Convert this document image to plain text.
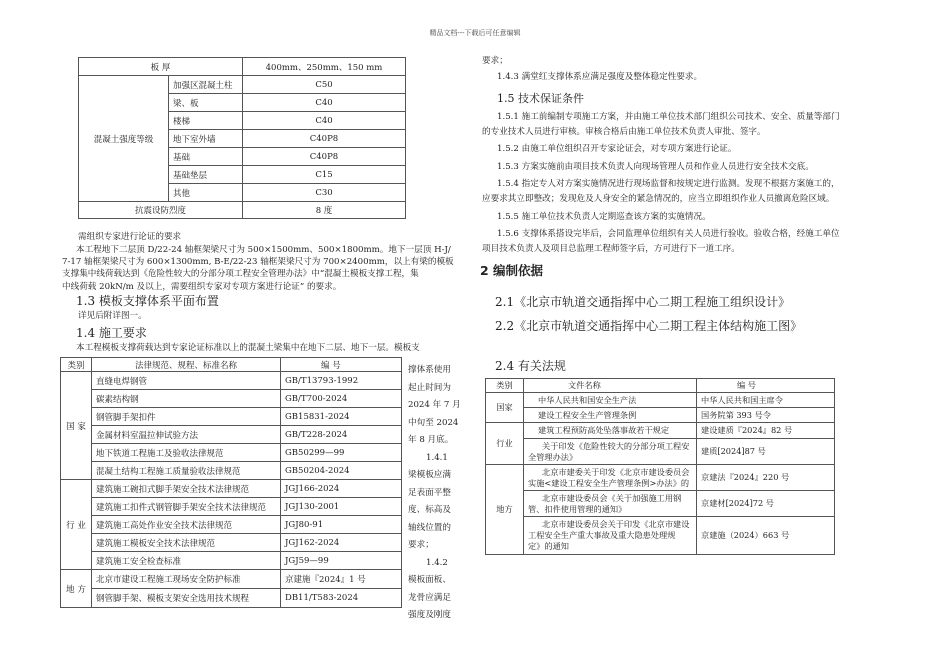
精品文档---下载后可任意编辑
板 厚		400mm、250mm、150 mm
混凝土强度等级	加强区混凝土柱	C50
	梁、板	C40
	楼梯	C40
	地下室外墙	C40P8
	基础	C40P8
	基础垫层	C15
	其他	C30
抗震设防烈度		8 度
需组织专家进行论证的要求
本工程地下二层顶 D/22-24 轴框架梁尺寸为 500×1500mm、500×1800mm。地下一层顶 H-J/
7-17 轴框架梁尺寸为 600×1300mm, B-E/22-23 轴框架梁尺寸为 700×2400mm，以上有梁的模板
支撑集中线荷载达到《危险性较大的分部分项工程安全管理办法》中“混凝土模板支撑工程，集
中线荷载 20kN/m 及以上，需要组织专家对专项方案进行论证” 的要求。
1.3 模板支撑体系平面布置
详见后附详图一。
1.4 施工要求
本工程模板支撑荷载达到专家论证标准以上的混凝土梁集中在地下二层、地下一层。模板支
类别	法律规范、规程、标准名称	编 号
国 家	直缝电焊钢管	GB/T13793-1992
	碳素结构钢	GB/T700-2024
	钢管脚手架扣件	GB15831-2024
	金属材料室温拉伸试验方法	GB/T228-2024
	地下铁道工程施工及验收法律规范	GB50299—99
	混凝土结构工程施工质量验收法律规范	GB50204-2024
行 业	建筑施工碗扣式脚手架安全技术法律规范	JGJ166-2024
	建筑施工扣件式钢管脚手架安全技术法律规范	JGJ130-2001
	建筑施工高处作业安全技术法律规范	JGJ80-91
	建筑施工模板安全技术法律规范	JGJ162-2024
	建筑施工安全检查标准	JGJ59—99
地 方	北京市建设工程施工现场安全防护标准	京建施『2024』1 号
	钢管脚手架、模板支架安全选用技术规程	DB11/T583-2024
撑体系使用
起止时间为
2024 年 7 月
中旬至 2024
年 8 月底。
1.4.1
梁模板应满
足表面平整
度、标高及
轴线位置的
要求；
1.4.2
模板面板、
龙骨应满足
强度及刚度
要求；
1.4.3 满堂红支撑体系应满足强度及整体稳定性要求。
1.5 技术保证条件
1.5.1 施工前编制专项施工方案，并由施工单位技术部门组织公司技术、安全、质量等部门
的专业技术人员进行审核。审核合格后由施工单位技术负责人审批、签字。
1.5.2 由施工单位组织召开专家论证会，对专项方案进行论证。
1.5.3 方案实施前由项目技术负责人向现场管理人员和作业人员进行安全技术交底。
1.5.4 指定专人对方案实施情况进行现场监督和按规定进行监测。发现不根据方案施工的，
应要求其立即整改；发现危及人身安全的紧急情况的，应当立即组织作业人员撤离危险区域。
1.5.5 施工单位技术负责人定期巡查该方案的实施情况。
1.5.6 支撑体系搭设完毕后，会同监理单位组织有关人员进行验收。验收合格，经施工单位
项目技术负责人及项目总监理工程师签字后，方可进行下一道工序。
2 编制依据
2.1《北京市轨道交通指挥中心二期工程施工组织设计》
2.2《北京市轨道交通指挥中心二期工程主体结构施工图》
2.4 有关法规
类别	文件名称	编 号
国家	中华人民共和国安全生产法	中华人民共和国主席令
	建设工程安全生产管理条例	国务院第 393 号令
行业	建筑工程预防高处坠落事故若干规定	建设建质『2024』82 号

	关于印发《危险性较大的分部分项工程安
全管理办法》	建质[2024]87 号
地方	北京市建委关于印发《北京市建设委员会
实施<建设工程安全生产管理条例>办法》的	京建法『2024』220 号

	北京市建设委员会《关于加强施工用钢
管、扣件使用管理的通知》	京建材[2024]72 号

	北京市建设委员会关于印发《北京市建设
工程安全生产重大事故及重大隐患处理规
定》的通知	京建施（2024）663 号
